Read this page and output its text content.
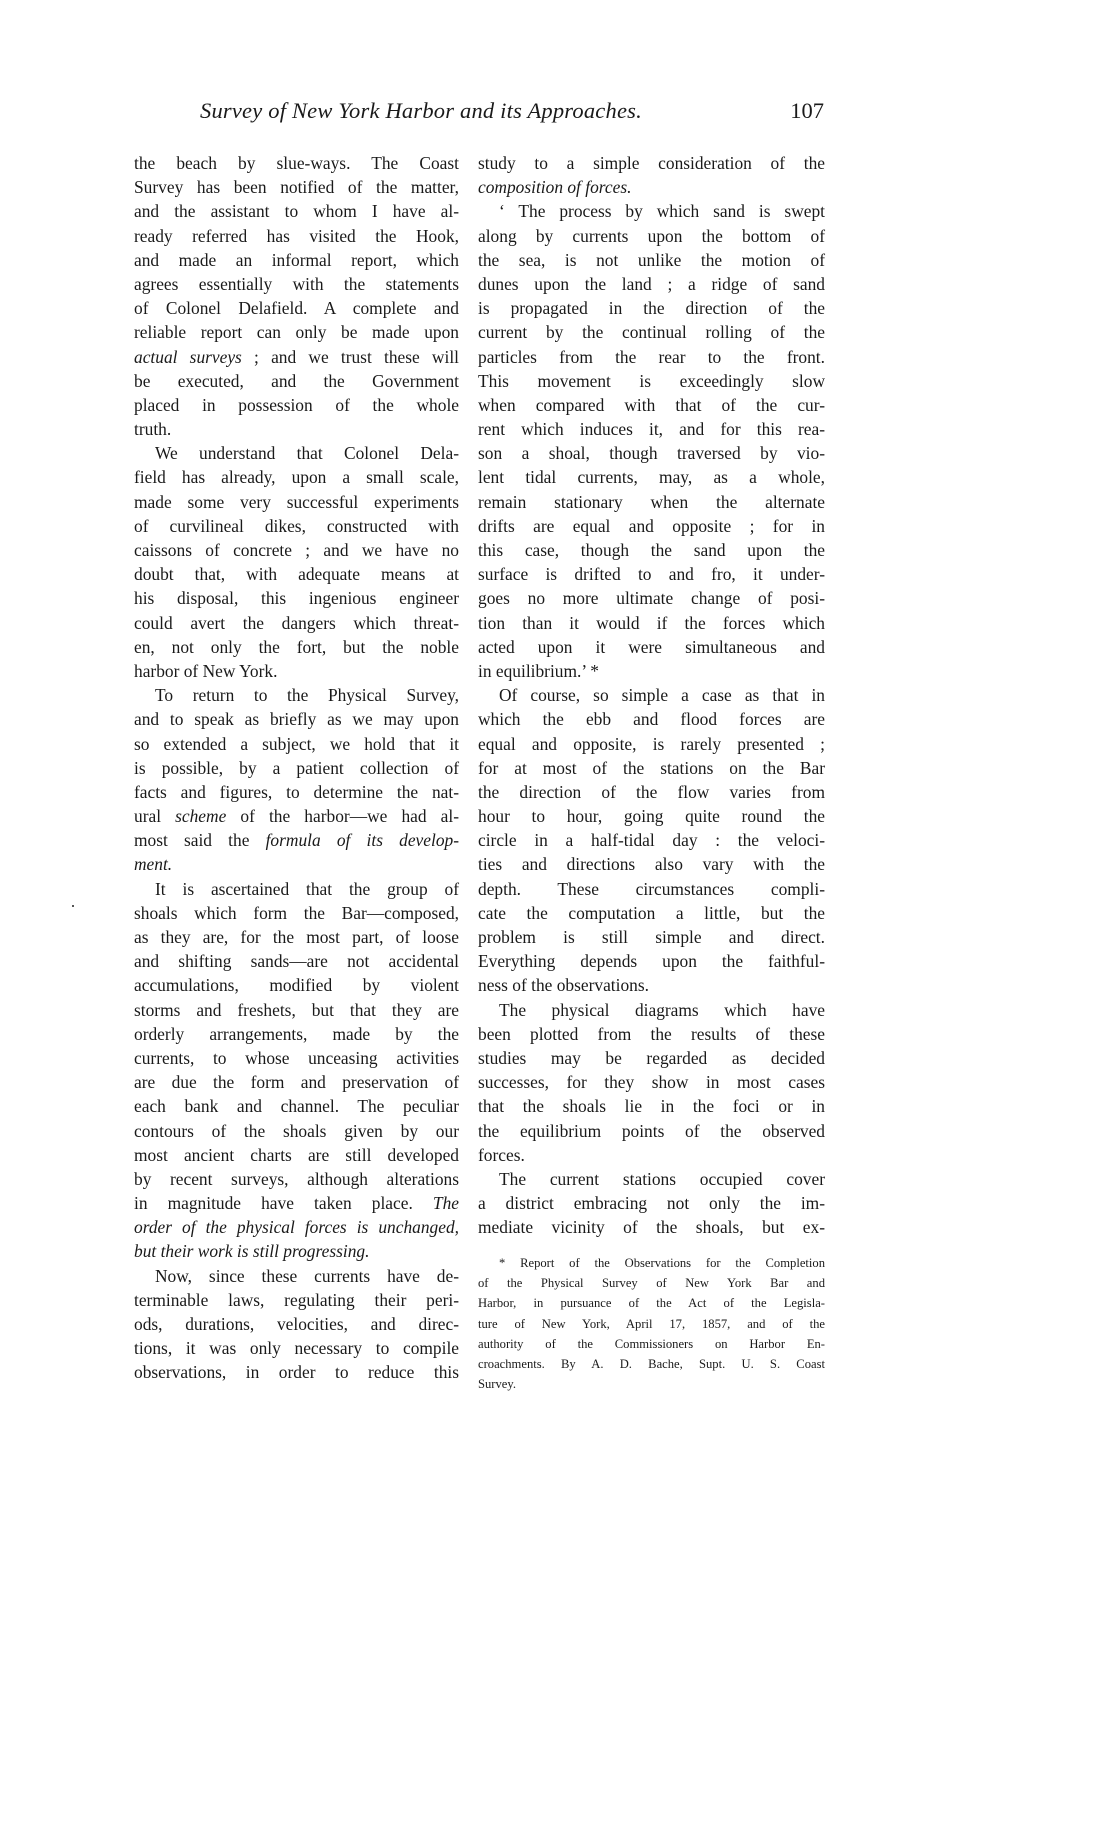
Survey of New York Harbor and its Approaches.	107
the beach by slue-ways. The Coast
Survey has been notified of the matter,
and the assistant to whom I have al-
ready referred has visited the Hook,
and made an informal report, which
agrees essentially with the statements
of Colonel Delafield. A complete and
reliable report can only be made upon
actual surveys ; and we trust these will
be executed, and the Government
placed in possession of the whole
truth.
We understand that Colonel Dela-
field has already, upon a small scale,
made some very successful experiments
of curvilineal dikes, constructed with
caissons of concrete ; and we have no
doubt that, with adequate means at
his disposal, this ingenious engineer
could avert the dangers which threat-
en, not only the fort, but the noble
harbor of New York.
To return to the Physical Survey,
and to speak as briefly as we may upon
so extended a subject, we hold that it
is possible, by a patient collection of
facts and figures, to determine the nat-
ural scheme of the harbor—we had al-
most said the formula of its develop-
ment.
It is ascertained that the group of
shoals which form the Bar—composed,
as they are, for the most part, of loose
and shifting sands—are not accidental
accumulations, modified by violent
storms and freshets, but that they are
orderly arrangements, made by the
currents, to whose unceasing activities
are due the form and preservation of
each bank and channel. The peculiar
contours of the shoals given by our
most ancient charts are still developed
by recent surveys, although alterations
in magnitude have taken place. The
order of the physical forces is unchanged,
but their work is still progressing.
Now, since these currents have de-
terminable laws, regulating their peri-
ods, durations, velocities, and direc-
tions, it was only necessary to compile
observations, in order to reduce this
study to a simple consideration of the
composition of forces.
‘ The process by which sand is swept
along by currents upon the bottom of
the sea, is not unlike the motion of
dunes upon the land ; a ridge of sand
is propagated in the direction of the
current by the continual rolling of the
particles from the rear to the front.
This movement is exceedingly slow
when compared with that of the cur-
rent which induces it, and for this rea-
son a shoal, though traversed by vio-
lent tidal currents, may, as a whole,
remain stationary when the alternate
drifts are equal and opposite ; for in
this case, though the sand upon the
surface is drifted to and fro, it under-
goes no more ultimate change of posi-
tion than it would if the forces which
acted upon it were simultaneous and
in equilibrium.’ *
Of course, so simple a case as that in
which the ebb and flood forces are
equal and opposite, is rarely presented ;
for at most of the stations on the Bar
the direction of the flow varies from
hour to hour, going quite round the
circle in a half-tidal day : the veloci-
ties and directions also vary with the
depth. These circumstances compli-
cate the computation a little, but the
problem is still simple and direct.
Everything depends upon the faithful-
ness of the observations.
The physical diagrams which have
been plotted from the results of these
studies may be regarded as decided
successes, for they show in most cases
that the shoals lie in the foci or in
the equilibrium points of the observed
forces.
The current stations occupied cover
a district embracing not only the im-
mediate vicinity of the shoals, but ex-
* Report of the Observations for the Completion
of the Physical Survey of New York Bar and
Harbor, in pursuance of the Act of the Legisla-
ture of New York, April 17, 1857, and of the
authority of the Commissioners on Harbor En-
croachments. By A. D. Bache, Supt. U. S. Coast
Survey.
